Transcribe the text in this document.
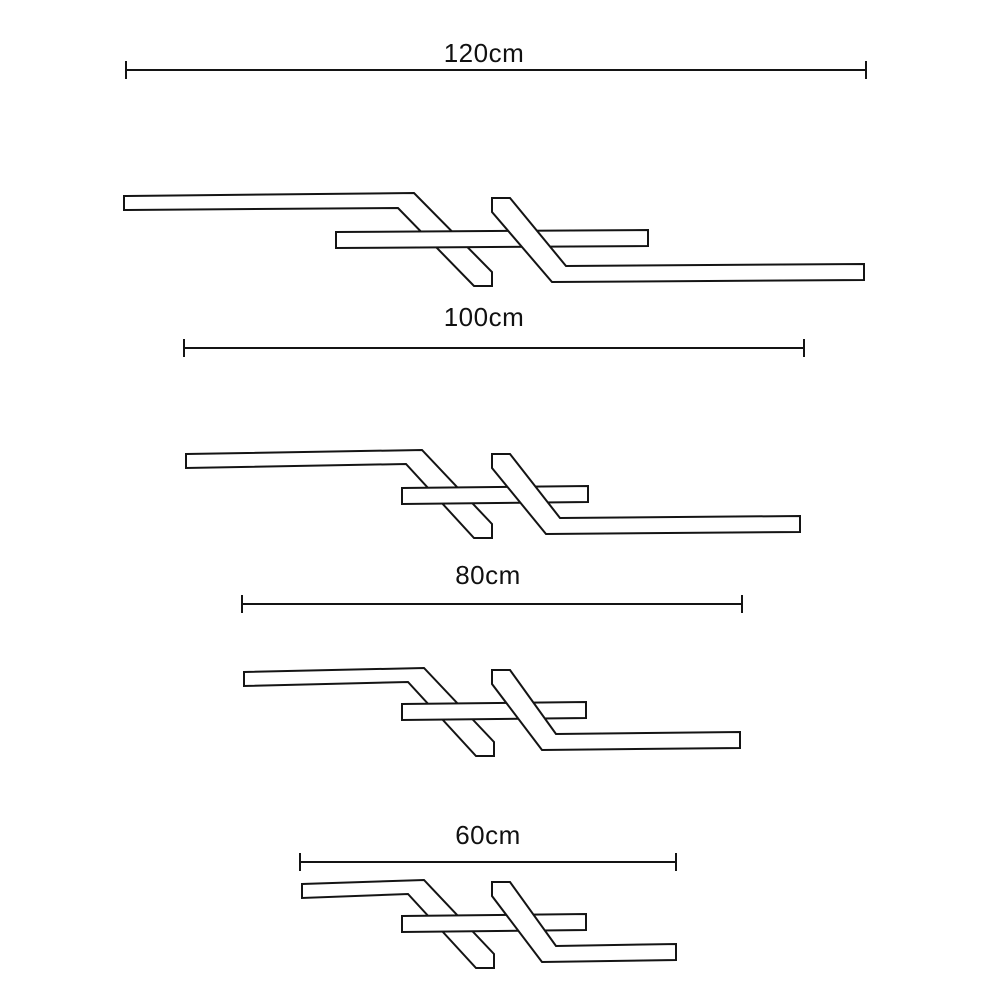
120cm
100cm
80cm
60cm
